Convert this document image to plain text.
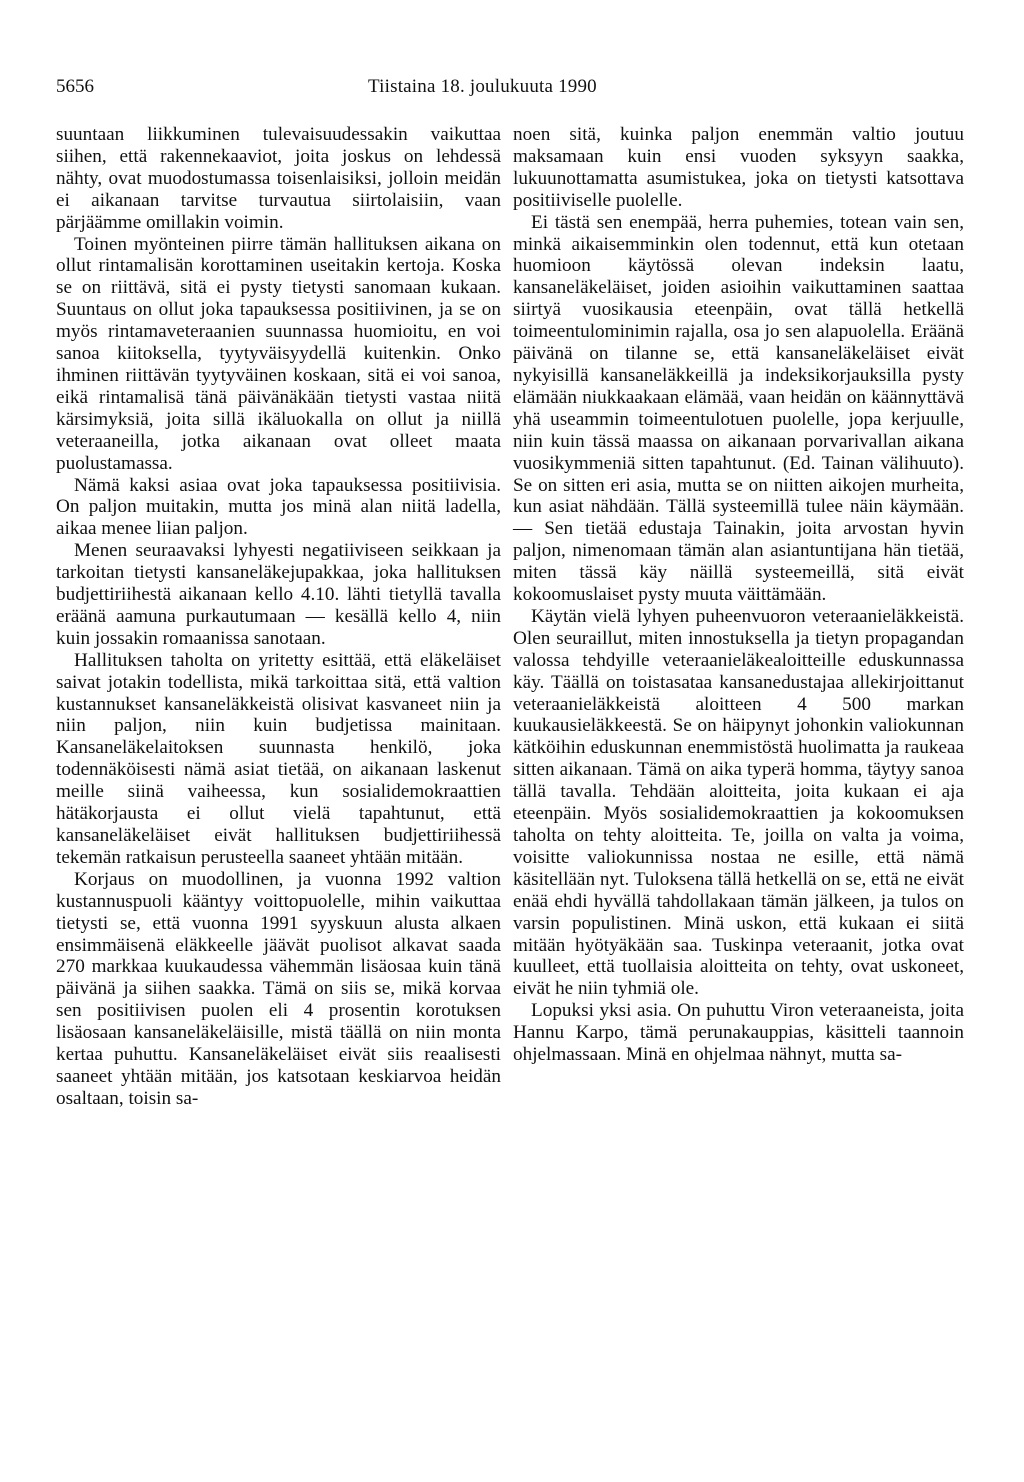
5656	Tiistaina 18. joulukuuta 1990

suuntaan liikkuminen tulevaisuudessakin vaikuttaa siihen, että rakennekaaviot, joita joskus on lehdessä nähty, ovat muodostumassa toisenlaisiksi, jolloin meidän ei aikanaan tarvitse turvautua siirtolaisiin, vaan pärjäämme omillakin voimin.

Toinen myönteinen piirre tämän hallituksen aikana on ollut rintamalisän korottaminen useitakin kertoja. Koska se on riittävä, sitä ei pysty tietysti sanomaan kukaan. Suuntaus on ollut joka tapauksessa positiivinen, ja se on myös rintamaveteraanien suunnassa huomioitu, en voi sanoa kiitoksella, tyytyväisyydellä kuitenkin. Onko ihminen riittävän tyytyväinen koskaan, sitä ei voi sanoa, eikä rintamalisä tänä päivänäkään tietysti vastaa niitä kärsimyksiä, joita sillä ikäluokalla on ollut ja niillä veteraaneilla, jotka aikanaan ovat olleet maata puolustamassa.

Nämä kaksi asiaa ovat joka tapauksessa positiivisia. On paljon muitakin, mutta jos minä alan niitä ladella, aikaa menee liian paljon.

Menen seuraavaksi lyhyesti negatiiviseen seikkaan ja tarkoitan tietysti kansaneläkejupakkaa, joka hallituksen budjettiriihestä aikanaan kello 4.10. lähti tietyllä tavalla eräänä aamuna purkautumaan — kesällä kello 4, niin kuin jossakin romaanissa sanotaan.

Hallituksen taholta on yritetty esittää, että eläkeläiset saivat jotakin todellista, mikä tarkoittaa sitä, että valtion kustannukset kansaneläkkeistä olisivat kasvaneet niin ja niin paljon, niin kuin budjetissa mainitaan. Kansaneläkelaitoksen suunnasta henkilö, joka todennäköisesti nämä asiat tietää, on aikanaan laskenut meille siinä vaiheessa, kun sosialidemokraattien hätäkorjausta ei ollut vielä tapahtunut, että kansaneläkeläiset eivät hallituksen budjettiriihessä tekemän ratkaisun perusteella saaneet yhtään mitään.

Korjaus on muodollinen, ja vuonna 1992 valtion kustannuspuoli kääntyy voittopuolelle, mihin vaikuttaa tietysti se, että vuonna 1991 syyskuun alusta alkaen ensimmäisenä eläkkeelle jäävät puolisot alkavat saada 270 markkaa kuukaudessa vähemmän lisäosaa kuin tänä päivänä ja siihen saakka. Tämä on siis se, mikä korvaa sen positiivisen puolen eli 4 prosentin korotuksen lisäosaan kansaneläkeläisille, mistä täällä on niin monta kertaa puhuttu. Kansaneläkeläiset eivät siis reaalisesti saaneet yhtään mitään, jos katsotaan keskiarvoa heidän osaltaan, toisin sa-

noen sitä, kuinka paljon enemmän valtio joutuu maksamaan kuin ensi vuoden syksyyn saakka, lukuunottamatta asumistukea, joka on tietysti katsottava positiiviselle puolelle.

Ei tästä sen enempää, herra puhemies, totean vain sen, minkä aikaisemminkin olen todennut, että kun otetaan huomioon käytössä olevan indeksin laatu, kansaneläkeläiset, joiden asioihin vaikuttaminen saattaa siirtyä vuosikausia eteenpäin, ovat tällä hetkellä toimeentulominimin rajalla, osa jo sen alapuolella. Eräänä päivänä on tilanne se, että kansaneläkeläiset eivät nykyisillä kansaneläkkeillä ja indeksikorjauksilla pysty elämään niukkaakaan elämää, vaan heidän on käännyttävä yhä useammin toimeentulotuen puolelle, jopa kerjuulle, niin kuin tässä maassa on aikanaan porvarivallan aikana vuosikymmeniä sitten tapahtunut. (Ed. Tainan välihuuto). Se on sitten eri asia, mutta se on niitten aikojen murheita, kun asiat nähdään. Tällä systeemillä tulee näin käymään. — Sen tietää edustaja Tainakin, joita arvostan hyvin paljon, nimenomaan tämän alan asiantuntijana hän tietää, miten tässä käy näillä systeemeillä, sitä eivät kokoomuslaiset pysty muuta väittämään.

Käytän vielä lyhyen puheenvuoron veteraanieläkkeistä. Olen seuraillut, miten innostuksella ja tietyn propagandan valossa tehdyille veteraanieläkealoitteille eduskunnassa käy. Täällä on toistasataa kansanedustajaa allekirjoittanut veteraanieläkkeistä aloitteen 4 500 markan kuukausieläkkeestä. Se on häipynyt johonkin valiokunnan kätköihin eduskunnan enemmistöstä huolimatta ja raukeaa sitten aikanaan. Tämä on aika typerä homma, täytyy sanoa tällä tavalla. Tehdään aloitteita, joita kukaan ei aja eteenpäin. Myös sosialidemokraattien ja kokoomuksen taholta on tehty aloitteita. Te, joilla on valta ja voima, voisitte valiokunnissa nostaa ne esille, että nämä käsitellään nyt. Tuloksena tällä hetkellä on se, että ne eivät enää ehdi hyvällä tahdollakaan tämän jälkeen, ja tulos on varsin populistinen. Minä uskon, että kukaan ei siitä mitään hyötyäkään saa. Tuskinpa veteraanit, jotka ovat kuulleet, että tuollaisia aloitteita on tehty, ovat uskoneet, eivät he niin tyhmiä ole.

Lopuksi yksi asia. On puhuttu Viron veteraaneista, joita Hannu Karpo, tämä perunakauppias, käsitteli taannoin ohjelmassaan. Minä en ohjelmaa nähnyt, mutta sa-
